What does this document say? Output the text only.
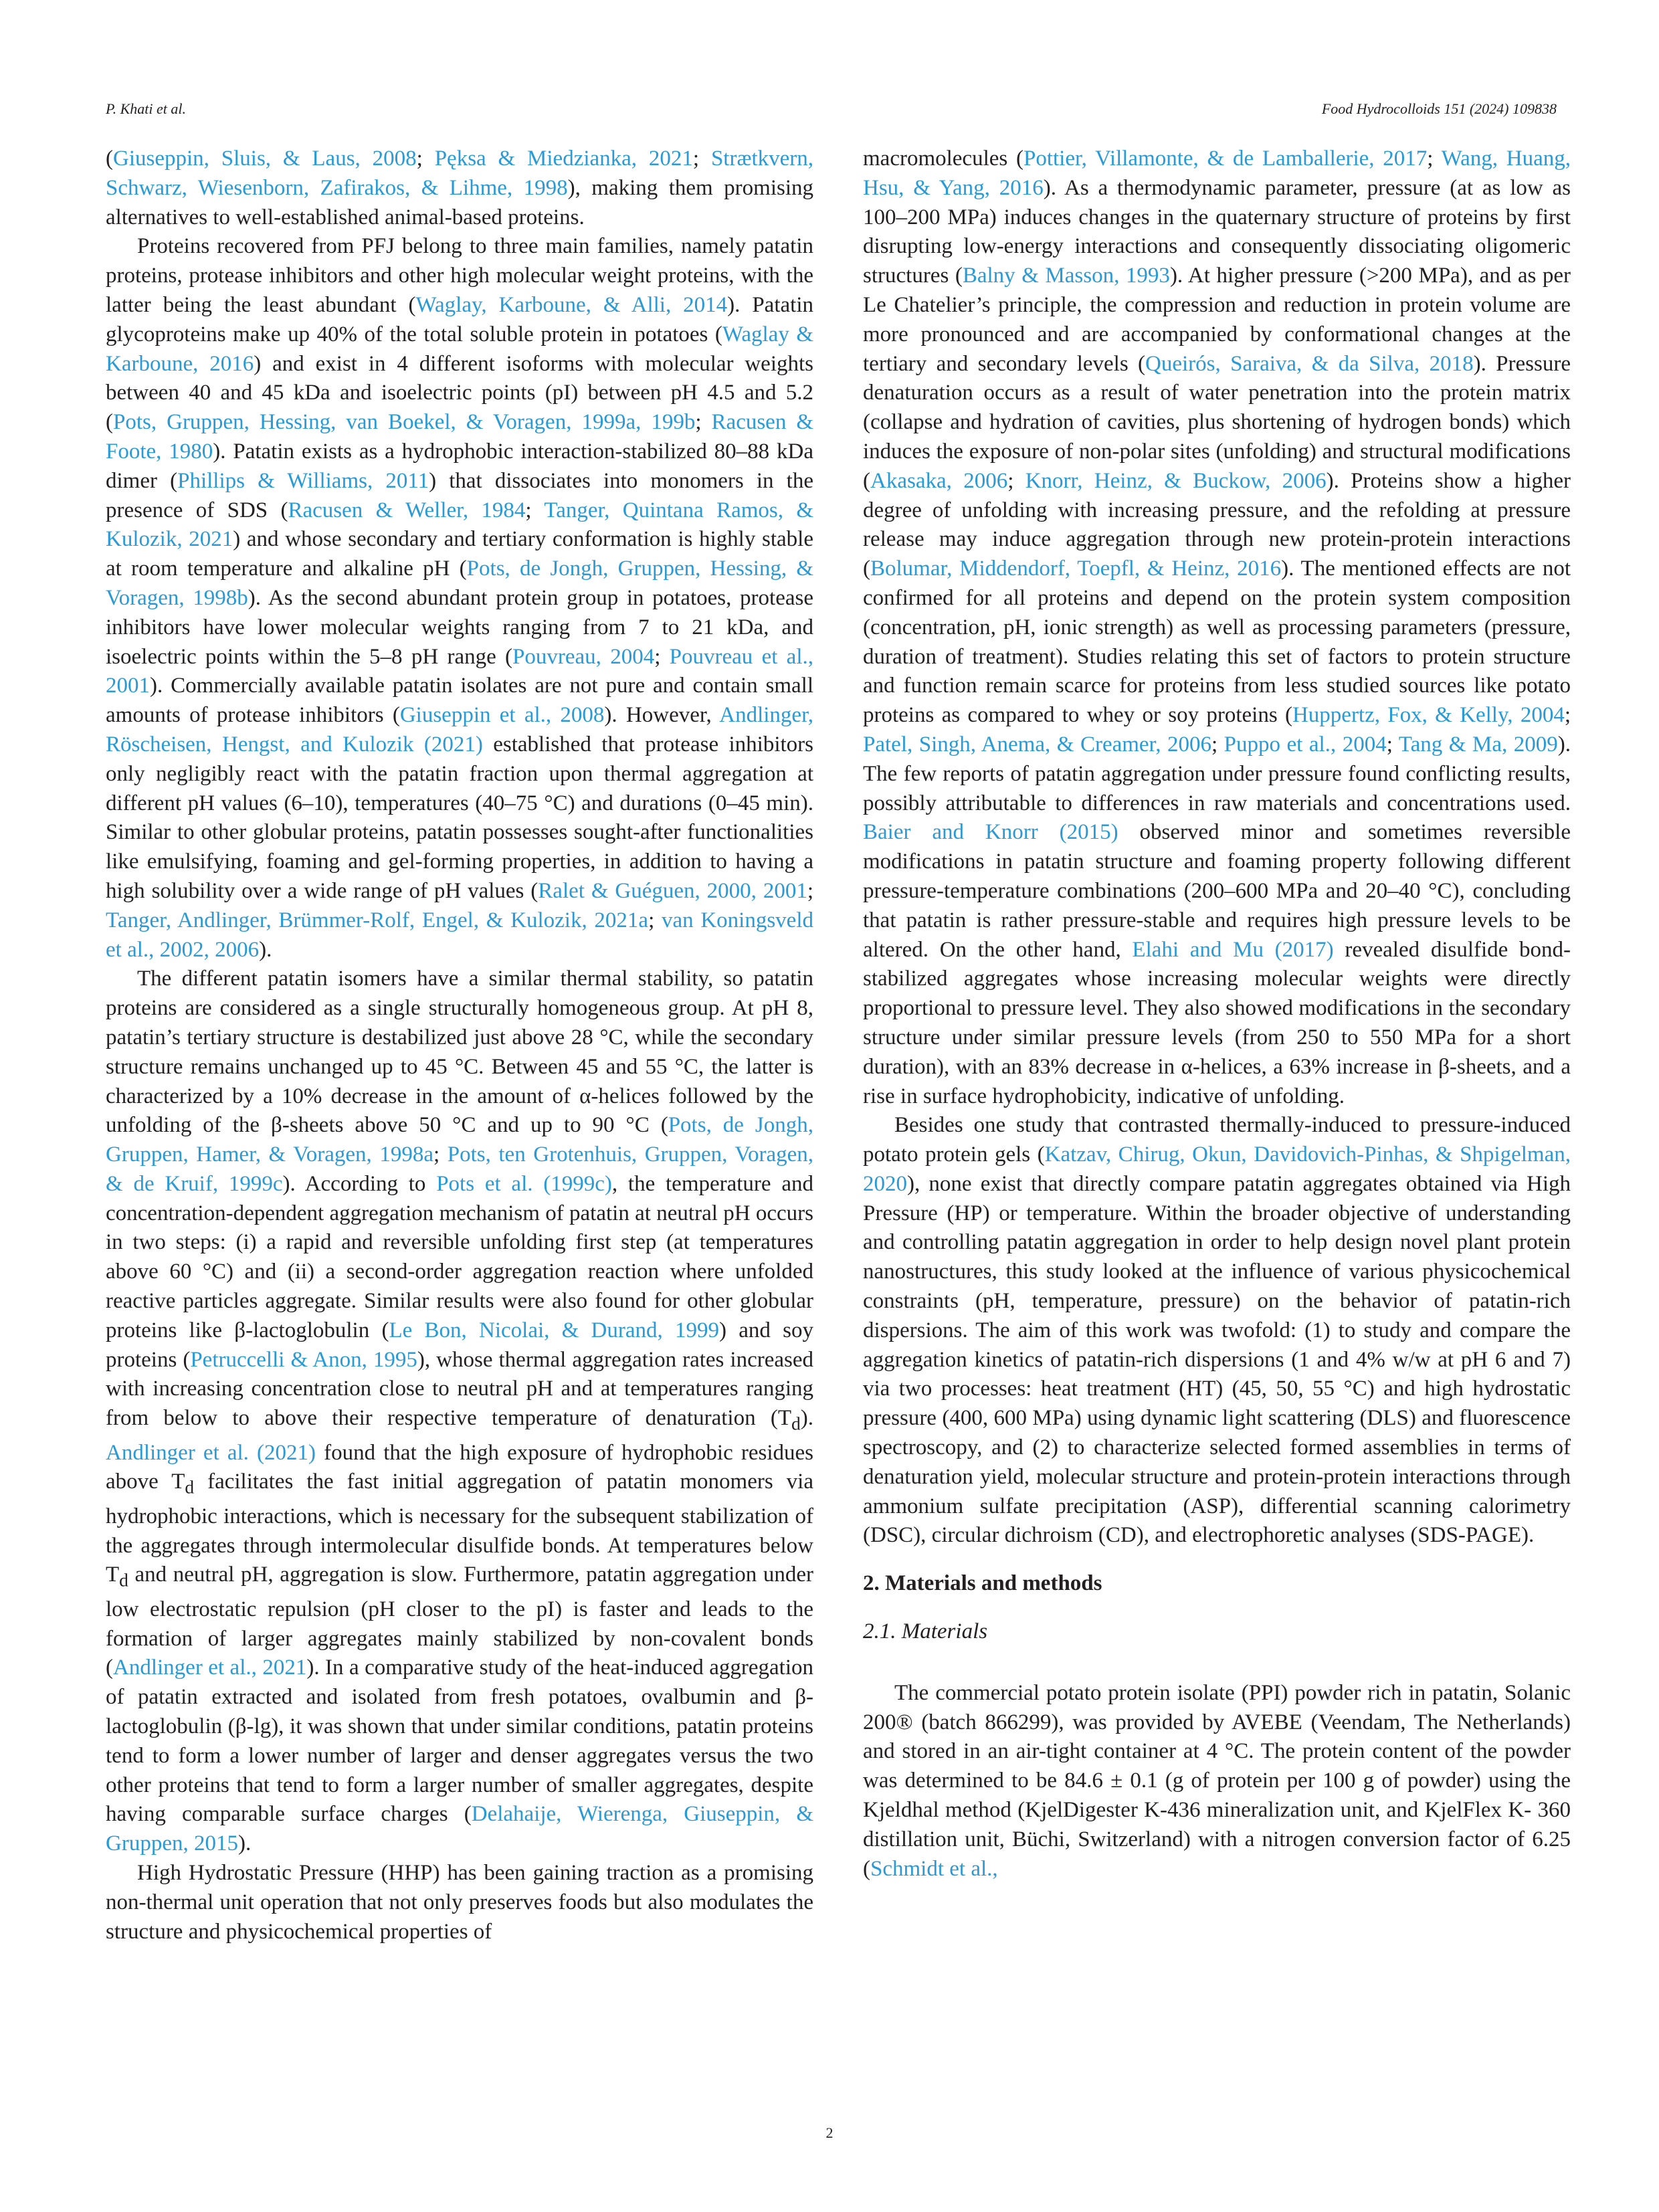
P. Khati et al.	Food Hydrocolloids 151 (2024) 109838

(Giuseppin, Sluis, & Laus, 2008; Pęksa & Miedzianka, 2021; Strætkvern, Schwarz, Wiesenborn, Zafirakos, & Lihme, 1998), making them promising alternatives to well-established animal-based proteins.

Proteins recovered from PFJ belong to three main families, namely patatin proteins, protease inhibitors and other high molecular weight proteins, with the latter being the least abundant (Waglay, Karboune, & Alli, 2014). Patatin glycoproteins make up 40% of the total soluble protein in potatoes (Waglay & Karboune, 2016) and exist in 4 different isoforms with molecular weights between 40 and 45 kDa and isoelectric points (pI) between pH 4.5 and 5.2 (Pots, Gruppen, Hessing, van Boekel, & Voragen, 1999a, 199b; Racusen & Foote, 1980). Patatin exists as a hydrophobic interaction-stabilized 80–88 kDa dimer (Phillips & Williams, 2011) that dissociates into monomers in the presence of SDS (Racusen & Weller, 1984; Tanger, Quintana Ramos, & Kulozik, 2021) and whose secondary and tertiary conformation is highly stable at room temperature and alkaline pH (Pots, de Jongh, Gruppen, Hessing, & Voragen, 1998b). As the second abundant protein group in potatoes, protease inhibitors have lower molecular weights ranging from 7 to 21 kDa, and isoelectric points within the 5–8 pH range (Pouvreau, 2004; Pouvreau et al., 2001). Commercially available patatin isolates are not pure and contain small amounts of protease inhibitors (Giuseppin et al., 2008). However, Andlinger, Röscheisen, Hengst, and Kulozik (2021) established that protease inhibitors only negligibly react with the patatin fraction upon thermal aggregation at different pH values (6–10), temperatures (40–75 °C) and durations (0–45 min). Similar to other globular proteins, patatin possesses sought-after functionalities like emulsifying, foaming and gel-forming properties, in addition to having a high solubility over a wide range of pH values (Ralet & Guéguen, 2000, 2001; Tanger, Andlinger, Brümmer-Rolf, Engel, & Kulozik, 2021a; van Koningsveld et al., 2002, 2006).

The different patatin isomers have a similar thermal stability, so patatin proteins are considered as a single structurally homogeneous group. At pH 8, patatin’s tertiary structure is destabilized just above 28 °C, while the secondary structure remains unchanged up to 45 °C. Between 45 and 55 °C, the latter is characterized by a 10% decrease in the amount of α-helices followed by the unfolding of the β-sheets above 50 °C and up to 90 °C (Pots, de Jongh, Gruppen, Hamer, & Voragen, 1998a; Pots, ten Grotenhuis, Gruppen, Voragen, & de Kruif, 1999c). According to Pots et al. (1999c), the temperature and concentration-dependent aggregation mechanism of patatin at neutral pH occurs in two steps: (i) a rapid and reversible unfolding first step (at temperatures above 60 °C) and (ii) a second-order aggregation reaction where unfolded reactive particles aggregate. Similar results were also found for other globular proteins like β-lactoglobulin (Le Bon, Nicolai, & Durand, 1999) and soy proteins (Petruccelli & Anon, 1995), whose thermal aggregation rates increased with increasing concentration close to neutral pH and at temperatures ranging from below to above their respective temperature of denaturation $(T_d)$. Andlinger et al. (2021) found that the high exposure of hydrophobic residues above $T_d$ facilitates the fast initial aggregation of patatin monomers via hydrophobic interactions, which is necessary for the subsequent stabilization of the aggregates through intermolecular disulfide bonds. At temperatures below $T_d$ and neutral pH, aggregation is slow. Furthermore, patatin aggregation under low electrostatic repulsion (pH closer to the pI) is faster and leads to the formation of larger aggregates mainly stabilized by non-covalent bonds (Andlinger et al., 2021). In a comparative study of the heat-induced aggregation of patatin extracted and isolated from fresh potatoes, ovalbumin and β-lactoglobulin (β-lg), it was shown that under similar conditions, patatin proteins tend to form a lower number of larger and denser aggregates versus the two other proteins that tend to form a larger number of smaller aggregates, despite having comparable surface charges (Delahaije, Wierenga, Giuseppin, & Gruppen, 2015).

High Hydrostatic Pressure (HHP) has been gaining traction as a promising non-thermal unit operation that not only preserves foods but also modulates the structure and physicochemical properties of

macromolecules (Pottier, Villamonte, & de Lamballerie, 2017; Wang, Huang, Hsu, & Yang, 2016). As a thermodynamic parameter, pressure (at as low as 100–200 MPa) induces changes in the quaternary structure of proteins by first disrupting low-energy interactions and consequently dissociating oligomeric structures (Balny & Masson, 1993). At higher pressure (>200 MPa), and as per Le Chatelier’s principle, the compression and reduction in protein volume are more pronounced and are accompanied by conformational changes at the tertiary and secondary levels (Queirós, Saraiva, & da Silva, 2018). Pressure denaturation occurs as a result of water penetration into the protein matrix (collapse and hydration of cavities, plus shortening of hydrogen bonds) which induces the exposure of non-polar sites (unfolding) and structural modifications (Akasaka, 2006; Knorr, Heinz, & Buckow, 2006). Proteins show a higher degree of unfolding with increasing pressure, and the refolding at pressure release may induce aggregation through new protein-protein interactions (Bolumar, Middendorf, Toepfl, & Heinz, 2016). The mentioned effects are not confirmed for all proteins and depend on the protein system composition (concentration, pH, ionic strength) as well as processing parameters (pressure, duration of treatment). Studies relating this set of factors to protein structure and function remain scarce for proteins from less studied sources like potato proteins as compared to whey or soy proteins (Huppertz, Fox, & Kelly, 2004; Patel, Singh, Anema, & Creamer, 2006; Puppo et al., 2004; Tang & Ma, 2009). The few reports of patatin aggregation under pressure found conflicting results, possibly attributable to differences in raw materials and concentrations used. Baier and Knorr (2015) observed minor and sometimes reversible modifications in patatin structure and foaming property following different pressure-temperature combinations (200–600 MPa and 20–40 °C), concluding that patatin is rather pressure-stable and requires high pressure levels to be altered. On the other hand, Elahi and Mu (2017) revealed disulfide bond-stabilized aggregates whose increasing molecular weights were directly proportional to pressure level. They also showed modifications in the secondary structure under similar pressure levels (from 250 to 550 MPa for a short duration), with an 83% decrease in α-helices, a 63% increase in β-sheets, and a rise in surface hydrophobicity, indicative of unfolding.

Besides one study that contrasted thermally-induced to pressure-induced potato protein gels (Katzav, Chirug, Okun, Davidovich-Pinhas, & Shpigelman, 2020), none exist that directly compare patatin aggregates obtained via High Pressure (HP) or temperature. Within the broader objective of understanding and controlling patatin aggregation in order to help design novel plant protein nanostructures, this study looked at the influence of various physicochemical constraints (pH, temperature, pressure) on the behavior of patatin-rich dispersions. The aim of this work was twofold: (1) to study and compare the aggregation kinetics of patatin-rich dispersions (1 and 4% w/w at pH 6 and 7) via two processes: heat treatment (HT) (45, 50, 55 °C) and high hydrostatic pressure (400, 600 MPa) using dynamic light scattering (DLS) and fluorescence spectroscopy, and (2) to characterize selected formed assemblies in terms of denaturation yield, molecular structure and protein-protein interactions through ammonium sulfate precipitation (ASP), differential scanning calorimetry (DSC), circular dichroism (CD), and electrophoretic analyses (SDS-PAGE).

2. Materials and methods
2.1. Materials

The commercial potato protein isolate (PPI) powder rich in patatin, Solanic 200® (batch 866299), was provided by AVEBE (Veendam, The Netherlands) and stored in an air-tight container at 4 °C. The protein content of the powder was determined to be 84.6 ± 0.1 (g of protein per 100 g of powder) using the Kjeldhal method (KjelDigester K-436 mineralization unit, and KjelFlex K- 360 distillation unit, Büchi, Switzerland) with a nitrogen conversion factor of 6.25 (Schmidt et al.,

2
